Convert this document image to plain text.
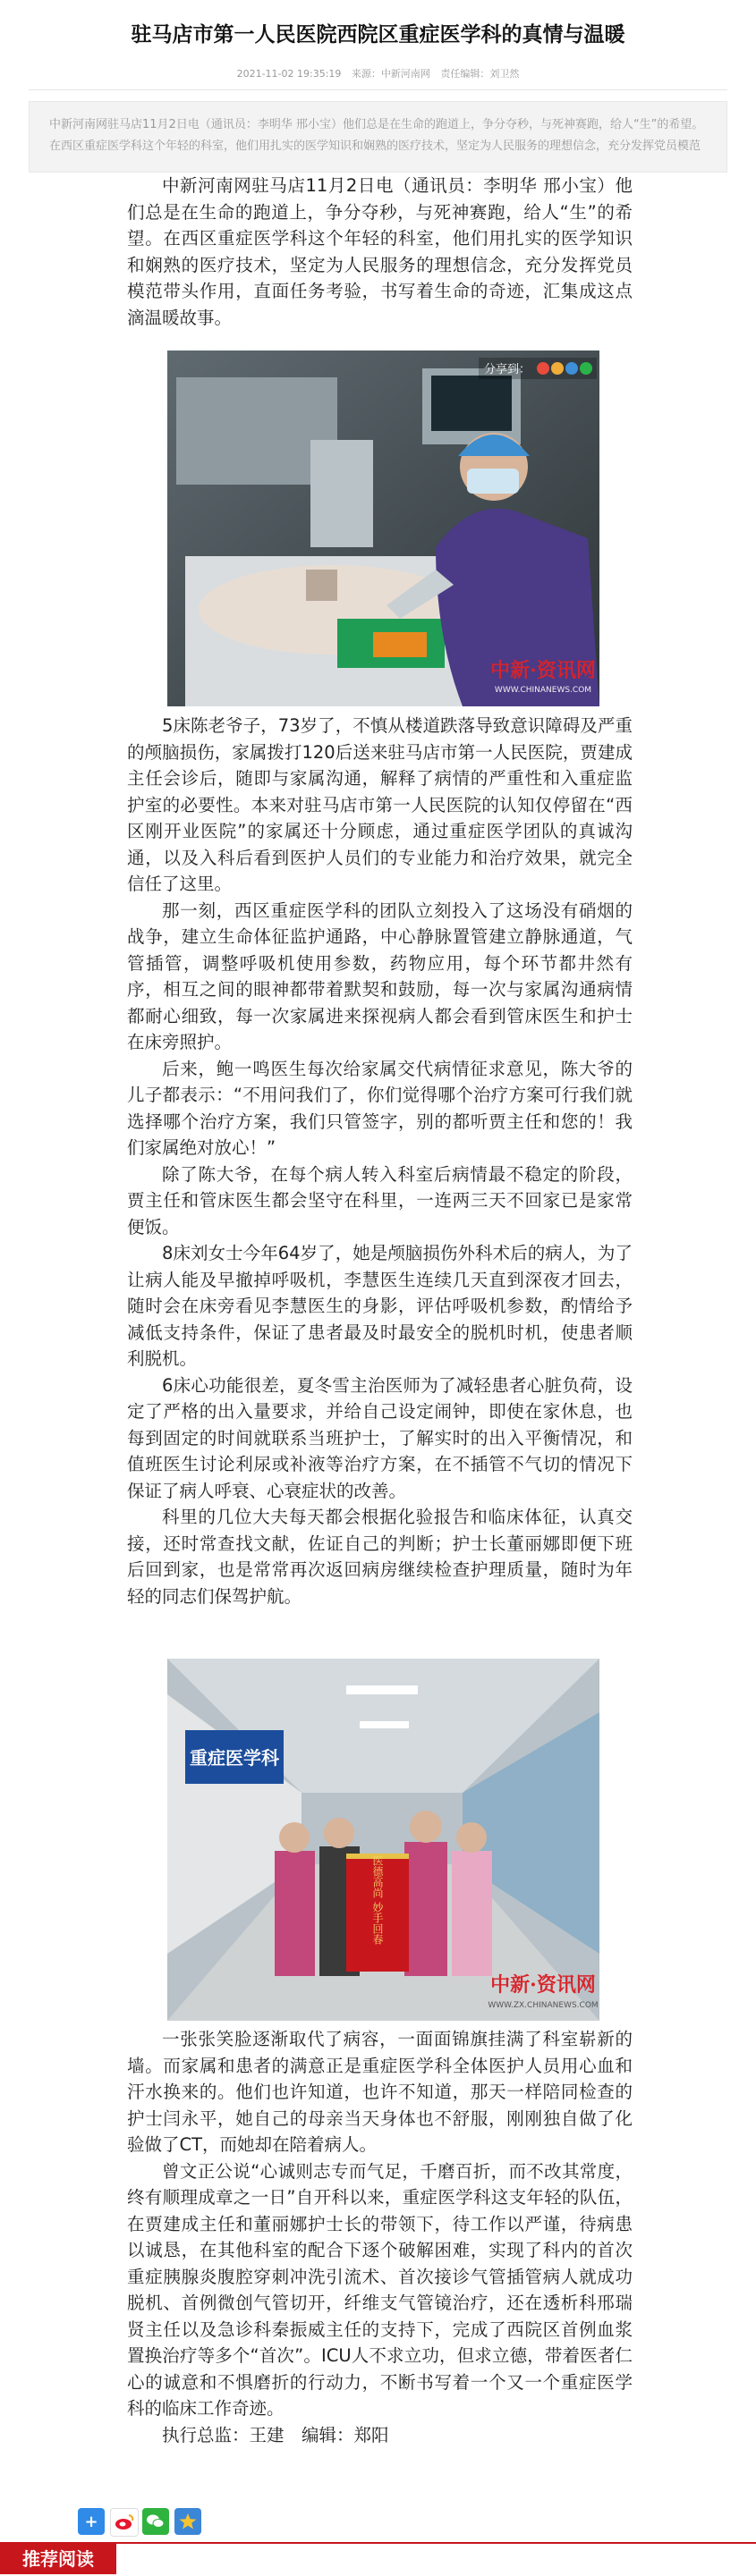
驻马店市第一人民医院西院区重症医学科的真情与温暖
2021-11-02 19:35:19 来源：中新河南网 责任编辑：刘卫然
中新河南网驻马店11月2日电（通讯员：李明华 邢小宝）他们总是在生命的跑道上，争分夺秒，与死神赛跑，给人“生”的希望。在西区重症医学科这个年轻的科室，他们用扎实的医学知识和娴熟的医疗技术，坚定为人民服务的理想信念，充分发挥党员模范

中新河南网驻马店11月2日电（通讯员：李明华 邢小宝）他们总是在生命的跑道上，争分夺秒，与死神赛跑，给人“生”的希望。在西区重症医学科这个年轻的科室，他们用扎实的医学知识和娴熟的医疗技术，坚定为人民服务的理想信念，充分发挥党员模范带头作用，直面任务考验，书写着生命的奇迹，汇集成这点滴温暖故事。

分享到：
中新·资讯网
WWW.CHINANEWS.COM

5床陈老爷子，73岁了，不慎从楼道跌落导致意识障碍及严重的颅脑损伤，家属拨打120后送来驻马店市第一人民医院，贾建成主任会诊后，随即与家属沟通，解释了病情的严重性和入重症监护室的必要性。本来对驻马店市第一人民医院的认知仅停留在“西区刚开业医院”的家属还十分顾虑，通过重症医学团队的真诚沟通，以及入科后看到医护人员们的专业能力和治疗效果，就完全信任了这里。

那一刻，西区重症医学科的团队立刻投入了这场没有硝烟的战争，建立生命体征监护通路，中心静脉置管建立静脉通道，气管插管，调整呼吸机使用参数，药物应用，每个环节都井然有序，相互之间的眼神都带着默契和鼓励，每一次与家属沟通病情都耐心细致，每一次家属进来探视病人都会看到管床医生和护士在床旁照护。

后来，鲍一鸣医生每次给家属交代病情征求意见，陈大爷的儿子都表示：“不用问我们了，你们觉得哪个治疗方案可行我们就选择哪个治疗方案，我们只管签字，别的都听贾主任和您的！我们家属绝对放心！”

除了陈大爷，在每个病人转入科室后病情最不稳定的阶段，贾主任和管床医生都会坚守在科里，一连两三天不回家已是家常便饭。

8床刘女士今年64岁了，她是颅脑损伤外科术后的病人，为了让病人能及早撤掉呼吸机，李慧医生连续几天直到深夜才回去，随时会在床旁看见李慧医生的身影，评估呼吸机参数，酌情给予减低支持条件，保证了患者最及时最安全的脱机时机，使患者顺利脱机。

6床心功能很差，夏冬雪主治医师为了减轻患者心脏负荷，设定了严格的出入量要求，并给自己设定闹钟，即使在家休息，也每到固定的时间就联系当班护士，了解实时的出入平衡情况，和值班医生讨论利尿或补液等治疗方案，在不插管不气切的情况下保证了病人呼衰、心衰症状的改善。

科里的几位大夫每天都会根据化验报告和临床体征，认真交接，还时常查找文献，佐证自己的判断；护士长董丽娜即便下班后回到家，也是常常再次返回病房继续检查护理质量，随时为年轻的同志们保驾护航。

重症医学科
医德高尚 妙手回春
中新·资讯网
WWW.ZX.CHINANEWS.COM

一张张笑脸逐渐取代了病容，一面面锦旗挂满了科室崭新的墙。而家属和患者的满意正是重症医学科全体医护人员用心血和汗水换来的。他们也许知道，也许不知道，那天一样陪同检查的护士闫永平，她自己的母亲当天身体也不舒服，刚刚独自做了化验做了CT，而她却在陪着病人。

曾文正公说“心诚则志专而气足，千磨百折，而不改其常度，终有顺理成章之一日”自开科以来，重症医学科这支年轻的队伍，在贾建成主任和董丽娜护士长的带领下，待工作以严谨，待病患以诚恳，在其他科室的配合下逐个破解困难，实现了科内的首次重症胰腺炎腹腔穿刺冲洗引流术、首次接诊气管插管病人就成功脱机、首例微创气管切开，纤维支气管镜治疗，还在透析科邢瑞贤主任以及急诊科秦振威主任的支持下，完成了西院区首例血浆置换治疗等多个“首次”。ICU人不求立功，但求立德，带着医者仁心的诚意和不惧磨折的行动力，不断书写着一个又一个重症医学科的临床工作奇迹。

执行总监：王建　编辑：郑阳

+
推荐阅读
